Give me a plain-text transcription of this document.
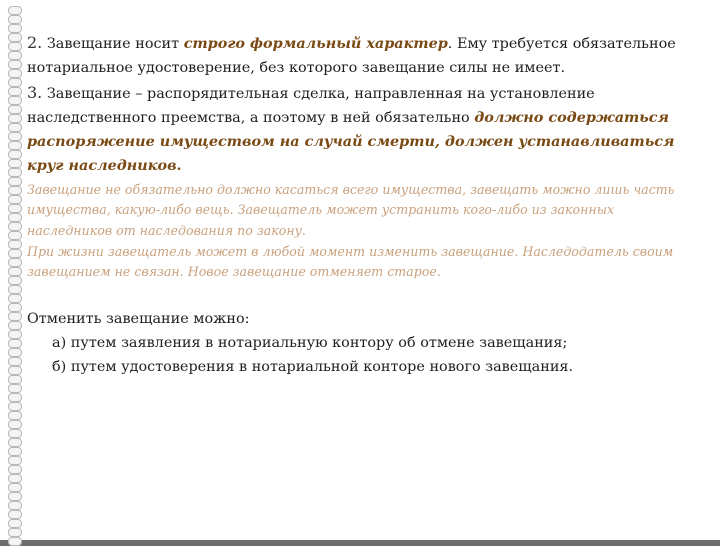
2. Завещание носит строго формальный характер. Ему требуется обязательное нотариальное удостоверение, без которого завещание силы не имеет.

3. Завещание – распорядительная сделка, направленная на установление наследственного преемства, а поэтому в ней обязательно должно содержаться распоряжение имуществом на случай смерти, должен устанавливаться круг наследников.

Завещание не обязательно должно касаться всего имущества, завещать можно лишь часть имущества, какую-либо вещь. Завещатель может устранить кого-либо из законных наследников от наследования по закону.

При жизни завещатель может в любой момент изменить завещание. Наследодатель своим завещанием не связан. Новое завещание отменяет старое.

Отменить завещание можно:

а) путем заявления в нотариальную контору об отмене завещания;

б) путем удостоверения в нотариальной конторе нового завещания.
